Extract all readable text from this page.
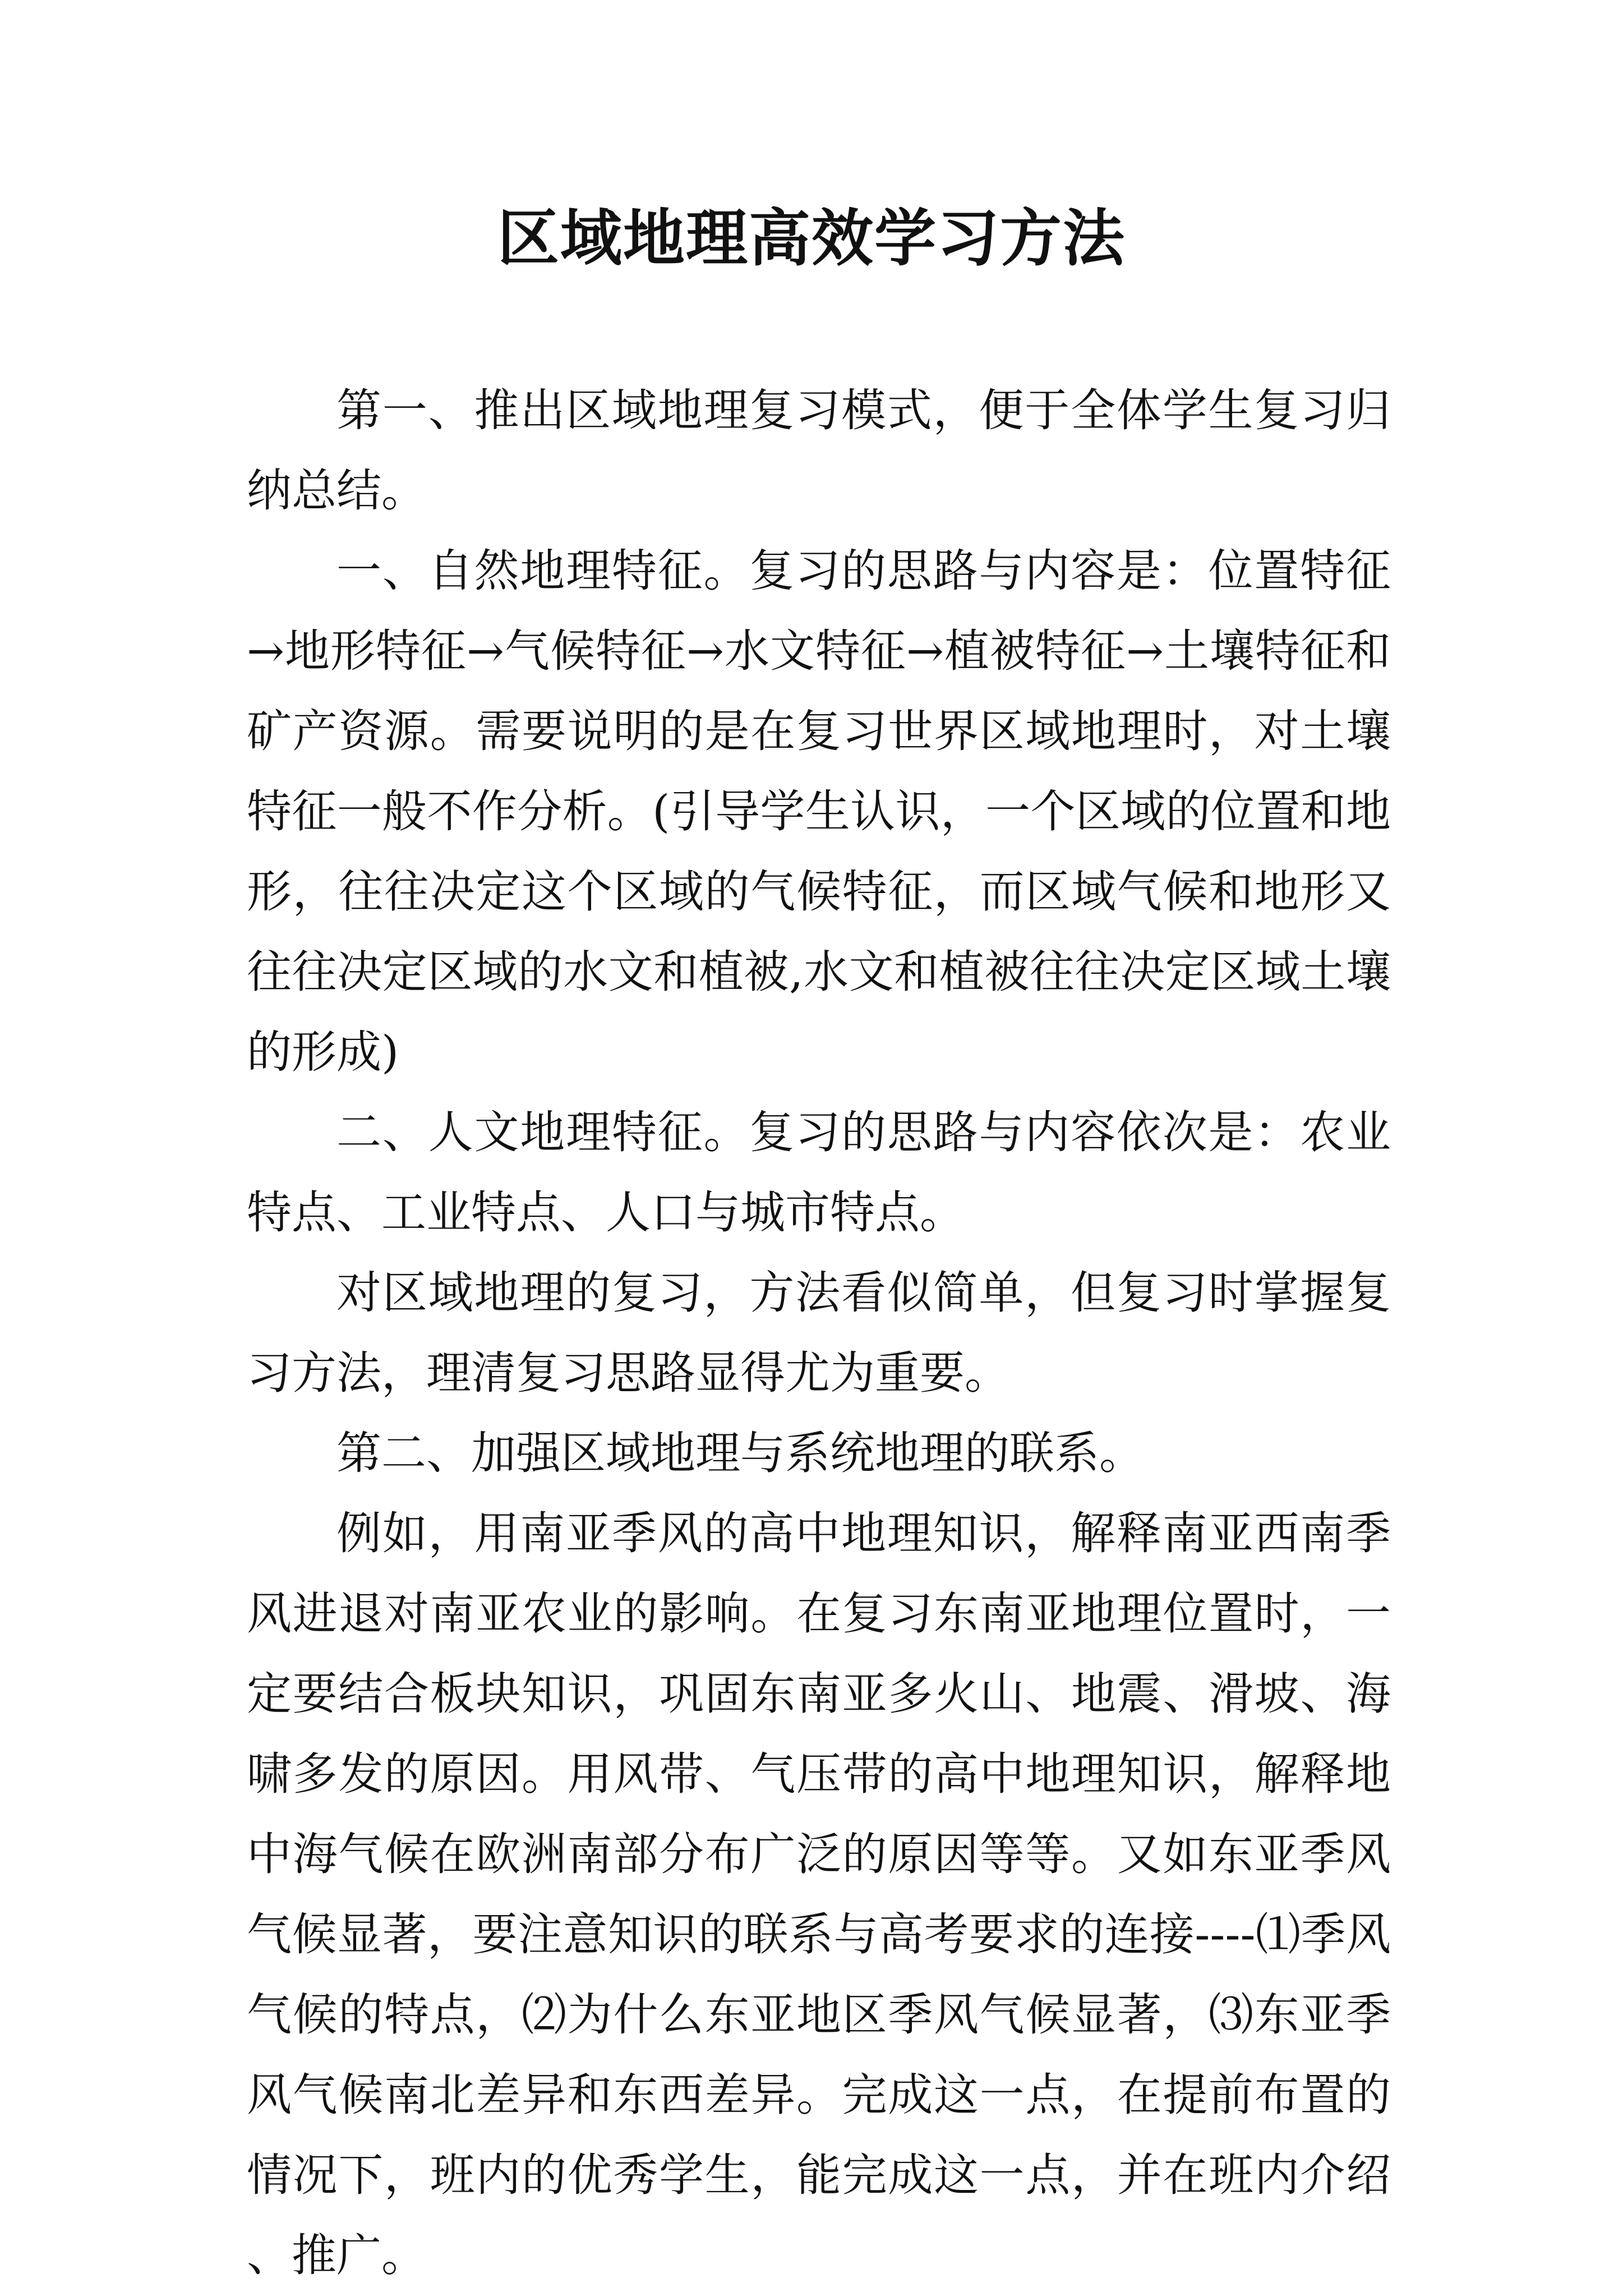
区域地理高效学习方法

第一、推出区域地理复习模式，便于全体学生复习归纳总结。

一、自然地理特征。复习的思路与内容是：位置特征→地形特征→气候特征→水文特征→植被特征→土壤特征和矿产资源。需要说明的是在复习世界区域地理时，对土壤特征一般不作分析。(引导学生认识，一个区域的位置和地形，往往决定这个区域的气候特征，而区域气候和地形又往往决定区域的水文和植被,水文和植被往往决定区域土壤的形成)

二、人文地理特征。复习的思路与内容依次是：农业特点、工业特点、人口与城市特点。

对区域地理的复习，方法看似简单，但复习时掌握复习方法，理清复习思路显得尤为重要。

第二、加强区域地理与系统地理的联系。

例如，用南亚季风的高中地理知识，解释南亚西南季风进退对南亚农业的影响。在复习东南亚地理位置时，一定要结合板块知识，巩固东南亚多火山、地震、滑坡、海啸多发的原因。用风带、气压带的高中地理知识，解释地中海气候在欧洲南部分布广泛的原因等等。又如东亚季风气候显著，要注意知识的联系与高考要求的连接----⑴季风气候的特点，⑵为什么东亚地区季风气候显著，⑶东亚季风气候南北差异和东西差异。完成这一点，在提前布置的情况下，班内的优秀学生，能完成这一点，并在班内介绍、推广。
